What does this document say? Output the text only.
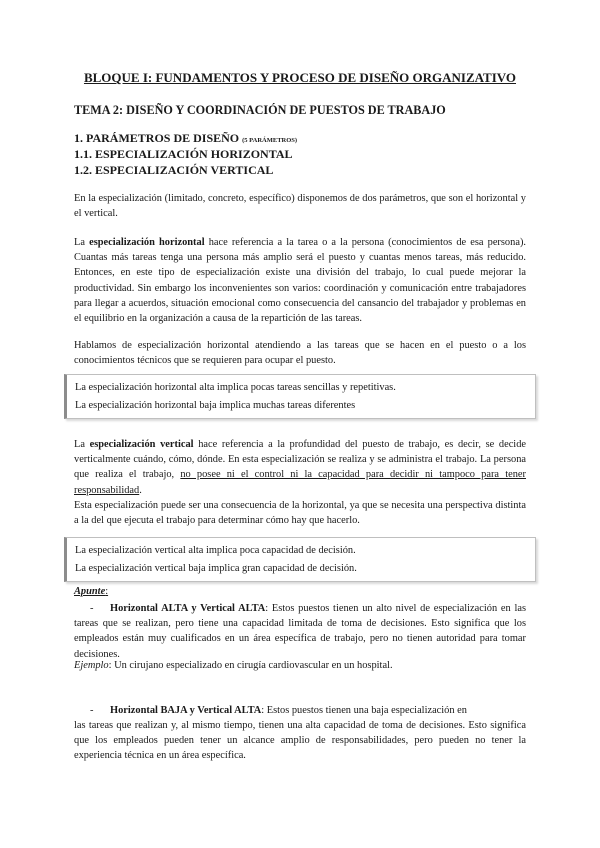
BLOQUE I: FUNDAMENTOS Y PROCESO DE DISEÑO ORGANIZATIVO
TEMA 2: DISEÑO Y COORDINACIÓN DE PUESTOS DE TRABAJO
1. PARÁMETROS DE DISEÑO (5 PARÁMETROS)
1.1. ESPECIALIZACIÓN HORIZONTAL
1.2. ESPECIALIZACIÓN VERTICAL
En la especialización (limitado, concreto, específico) disponemos de dos parámetros, que son el horizontal y el vertical.
La especialización horizontal hace referencia a la tarea o a la persona (conocimientos de esa persona). Cuantas más tareas tenga una persona más amplio será el puesto y cuantas menos tareas, más reducido. Entonces, en este tipo de especialización existe una división del trabajo, lo cual puede mejorar la productividad. Sin embargo los inconvenientes son varios: coordinación y comunicación entre trabajadores para llegar a acuerdos, situación emocional como consecuencia del cansancio del trabajador y problemas en el equilibrio en la organización a causa de la repartición de las tareas.
Hablamos de especialización horizontal atendiendo a las tareas que se hacen en el puesto o a los conocimientos técnicos que se requieren para ocupar el puesto.
La especialización horizontal alta implica pocas tareas sencillas y repetitivas.
La especialización horizontal baja implica muchas tareas diferentes
La especialización vertical hace referencia a la profundidad del puesto de trabajo, es decir, se decide verticalmente cuándo, cómo, dónde. En esta especialización se realiza y se administra el trabajo. La persona que realiza el trabajo, no posee ni el control ni la capacidad para decidir ni tampoco para tener responsabilidad.
Esta especialización puede ser una consecuencia de la horizontal, ya que se necesita una perspectiva distinta a la del que ejecuta el trabajo para determinar cómo hay que hacerlo.
La especialización vertical alta implica poca capacidad de decisión.
La especialización vertical baja implica gran capacidad de decisión.
Apunte:
- Horizontal ALTA y Vertical ALTA: Estos puestos tienen un alto nivel de especialización en las tareas que se realizan, pero tiene una capacidad limitada de toma de decisiones. Esto significa que los empleados están muy cualificados en un área específica de trabajo, pero no tienen autoridad para tomar decisiones.
Ejemplo: Un cirujano especializado en cirugía cardiovascular en un hospital.
- Horizontal BAJA y Vertical ALTA: Estos puestos tienen una baja especialización en
las tareas que realizan y, al mismo tiempo, tienen una alta capacidad de toma de decisiones. Esto significa que los empleados pueden tener un alcance amplio de responsabilidades, pero pueden no tener la experiencia técnica en un área específica.
